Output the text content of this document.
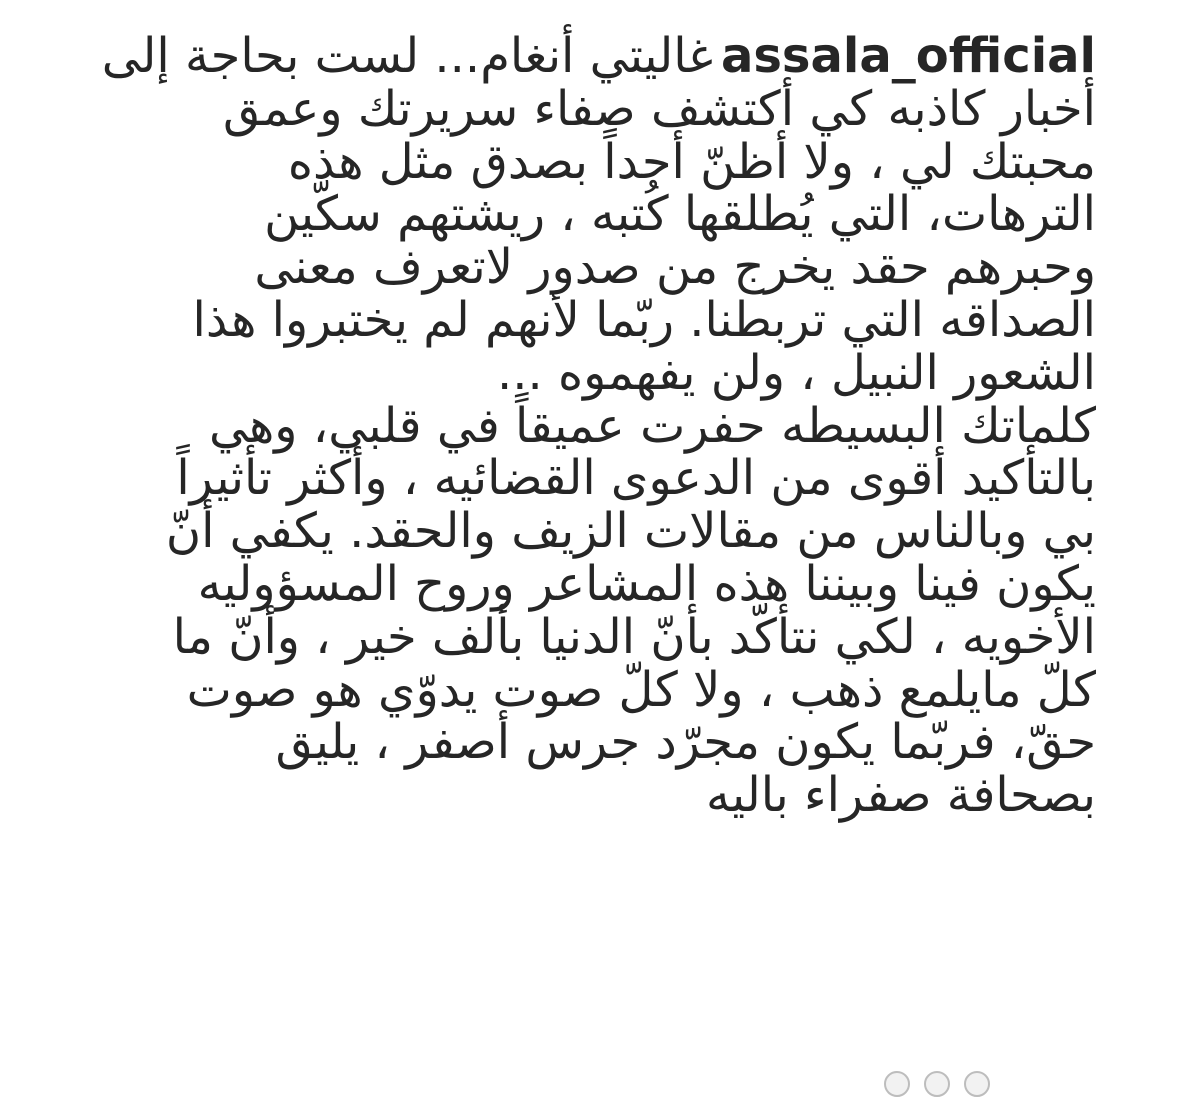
assala_officialغاليتي أنغام... لست بحاجة إلى
أخبار كاذبه كي أكتشف صفاء سريرتك وعمق
محبتك لي ، ولا أظنّ أحداً بصدق مثل هذه
الترهات، التي يُطلقها كُتبه ، ريشتهم سكّين
وحبرهم حقد يخرج من صدور لاتعرف معنى
الصداقه التي تربطنا. ربّما لأنهم لم يختبروا هذا
الشعور النبيل ، ولن يفهموه ...
كلماتك البسيطه حفرت عميقاً في قلبي، وهي
بالتأكيد أقوى من الدعوى القضائيه ، وأكثر تأثيراً
بي وبالناس من مقالات الزيف والحقد. يكفي أنّ
يكون فينا وبيننا هذه المشاعر وروح المسؤوليه
الأخويه ، لكي نتأكّد بأنّ الدنيا بألف خير ، وأنّ ما
كلّ مايلمع ذهب ، ولا كلّ صوت يدوّي هو صوت
حقّ، فربّما يكون مجرّد جرس أصفر ، يليق
بصحافة صفراء باليه
